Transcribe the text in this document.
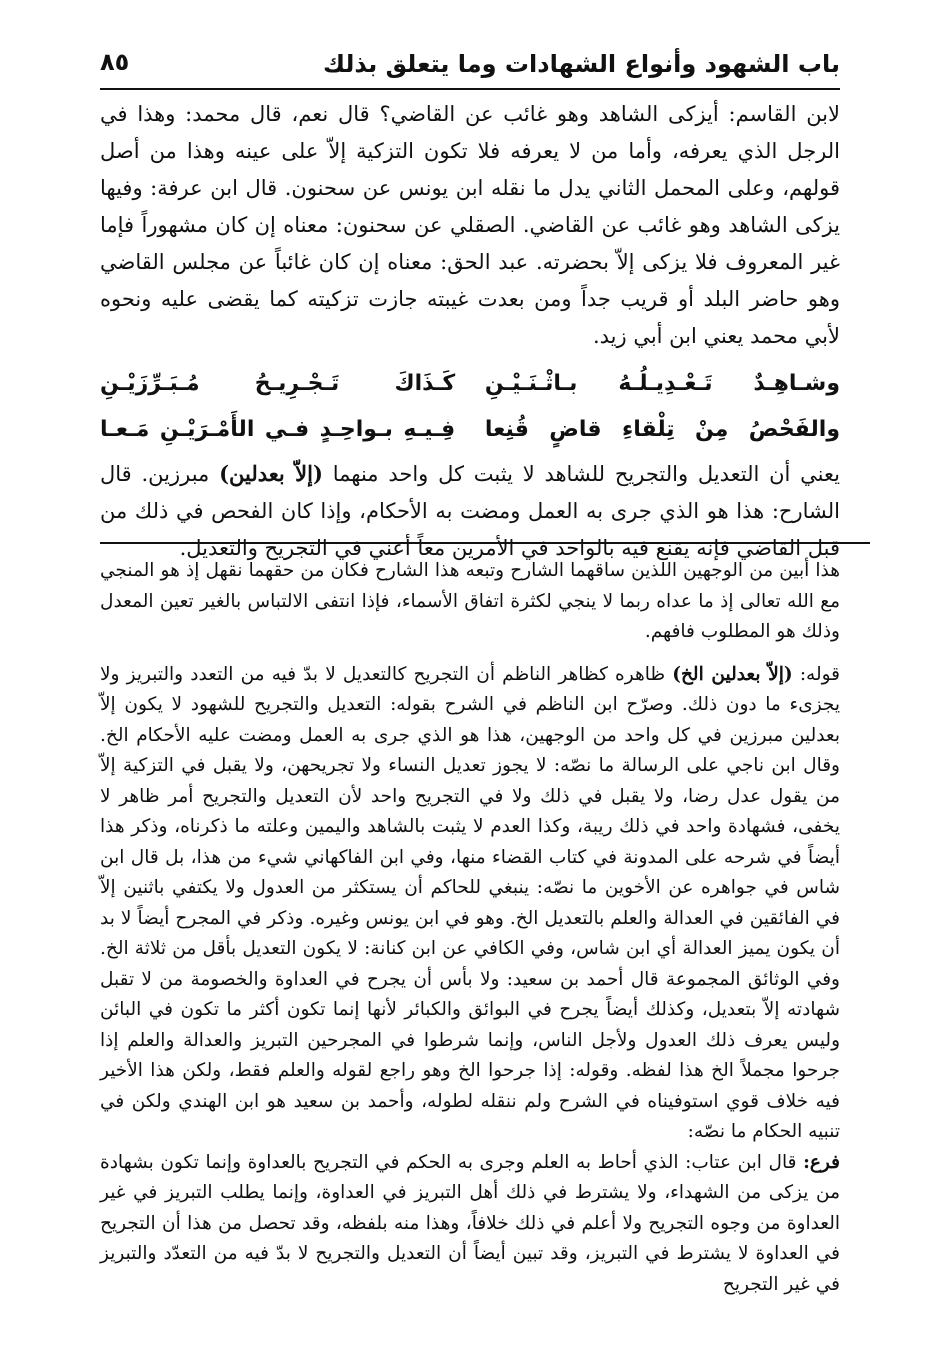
٨٥	باب الشهود وأنواع الشهادات وما يتعلق بذلك

لابن القاسم: أيزكى الشاهد وهو غائب عن القاضي؟ قال نعم، قال محمد: وهذا في الرجل الذي يعرفه، وأما من لا يعرفه فلا تكون التزكية إلاّ على عينه وهذا من أصل قولهم، وعلى المحمل الثاني يدل ما نقله ابن يونس عن سحنون. قال ابن عرفة: وفيها يزكى الشاهد وهو غائب عن القاضي. الصقلي عن سحنون: معناه إن كان مشهوراً فإما غير المعروف فلا يزكى إلاّ بحضرته. عبد الحق: معناه إن كان غائباً عن مجلس القاضي وهو حاضر البلد أو قريب جداً ومن بعدت غيبته جازت تزكيته كما يقضى عليه ونحوه لأبي محمد يعني ابن أبي زيد.

وشـاهِـدٌ تَـعْـدِيـلُـهُ بـاثْـنَـيْـنِ
كَـذَاكَ تَـجْـرِيـحُ مُـبَـرِّزَيْـنِ
والفَحْصُ مِنْ تِلْقاءِ قاضٍ قُنِعا
فِـيـهِ بـواحِـدٍ فـي الأَمْـرَيْـنِ مَـعـا

يعني أن التعديل والتجريح للشاهد لا يثبت كل واحد منهما (إلاّ بعدلين) مبرزين. قال الشارح: هذا هو الذي جرى به العمل ومضت به الأحكام، وإذا كان الفحص في ذلك من قبل القاضي فإنه يقنع فيه بالواحد في الأمرين معاً أعني في التجريح والتعديل.

هذا أبين من الوجهين اللذين ساقهما الشارح وتبعه هذا الشارح فكان من حقهما نقهل إذ هو المنجي مع الله تعالى إذ ما عداه ربما لا ينجي لكثرة اتفاق الأسماء، فإذا انتفى الالتباس بالغير تعين المعدل وذلك هو المطلوب فافهم.

قوله: (إلاّ بعدلين الخ) ظاهره كظاهر الناظم أن التجريح كالتعديل لا بدّ فيه من التعدد والتبريز ولا يجزىء ما دون ذلك. وصرّح ابن الناظم في الشرح بقوله: التعديل والتجريح للشهود لا يكون إلاّ بعدلين مبرزين في كل واحد من الوجهين، هذا هو الذي جرى به العمل ومضت عليه الأحكام الخ. وقال ابن ناجي على الرسالة ما نصّه: لا يجوز تعديل النساء ولا تجريحهن، ولا يقبل في التزكية إلاّ من يقول عدل رضا، ولا يقبل في ذلك ولا في التجريح واحد لأن التعديل والتجريح أمر ظاهر لا يخفى، فشهادة واحد في ذلك ريبة، وكذا العدم لا يثبت بالشاهد واليمين وعلته ما ذكرناه، وذكر هذا أيضاً في شرحه على المدونة في كتاب القضاء منها، وفي ابن الفاكهاني شيء من هذا، بل قال ابن شاس في جواهره عن الأخوين ما نصّه: ينبغي للحاكم أن يستكثر من العدول ولا يكتفي باثنين إلاّ في الفائقين في العدالة والعلم بالتعديل الخ. وهو في ابن يونس وغيره. وذكر في المجرح أيضاً لا بد أن يكون يميز العدالة أي ابن شاس، وفي الكافي عن ابن كنانة: لا يكون التعديل بأقل من ثلاثة الخ. وفي الوثائق المجموعة قال أحمد بن سعيد: ولا بأس أن يجرح في العداوة والخصومة من لا تقبل شهادته إلاّ بتعديل، وكذلك أيضاً يجرح في البوائق والكبائر لأنها إنما تكون أكثر ما تكون في البائن وليس يعرف ذلك العدول ولأجل الناس، وإنما شرطوا في المجرحين التبريز والعدالة والعلم إذا جرحوا مجملاً الخ هذا لفظه. وقوله: إذا جرحوا الخ وهو راجع لقوله والعلم فقط، ولكن هذا الأخير فيه خلاف قوي استوفيناه في الشرح ولم ننقله لطوله، وأحمد بن سعيد هو ابن الهندي ولكن في تنبيه الحكام ما نصّه:
فرع: قال ابن عتاب: الذي أحاط به العلم وجرى به الحكم في التجريح بالعداوة وإنما تكون بشهادة من يزكى من الشهداء، ولا يشترط في ذلك أهل التبريز في العداوة، وإنما يطلب التبريز في غير العداوة من وجوه التجريح ولا أعلم في ذلك خلافاً، وهذا منه بلفظه، وقد تحصل من هذا أن التجريح في العداوة لا يشترط في التبريز، وقد تبين أيضاً أن التعديل والتجريح لا بدّ فيه من التعدّد والتبريز في غير التجريح
